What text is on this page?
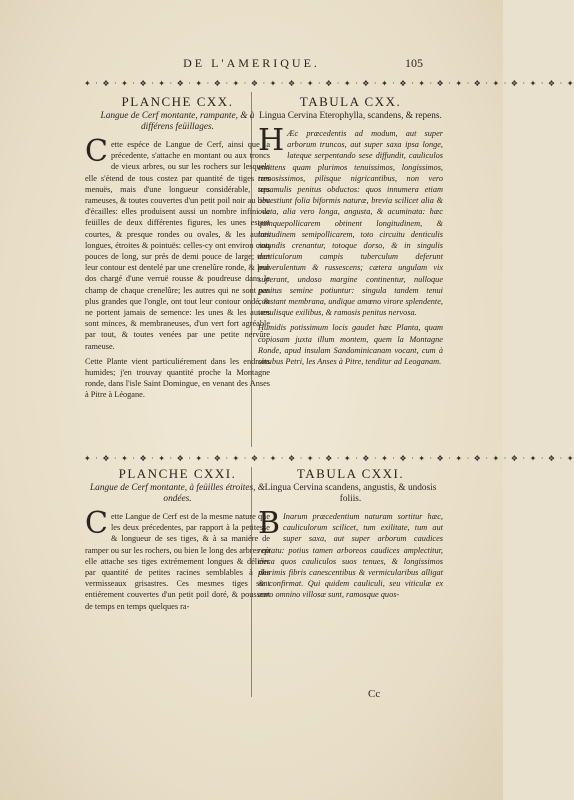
DE L'AMERIQUE.	105
✦ · ❖ · ✦ · ❖ · ✦ · ❖ · ✦ · ❖ · ✦ · ❖ · ✦ · ❖ · ✦ · ❖ · ✦ · ❖ · ✦ · ❖ · ✦ · ❖ · ✦ · ❖ · ✦ · ❖ · ✦ · ❖ · ✦
PLANCHE CXX.
Langue de Cerf montante, rampante, & à différens feüillages.

Cette espéce de Langue de Cerf, ainsi que la précedente, s'attache en montant ou aux troncs de vieux arbres, ou sur les rochers sur lesquels elle s'étend de tous costez par quantité de tiges tres menuës, mais d'une longueur considérable, tres rameuses, & toutes couvertes d'un petit poil noir au lieu d'écailles: elles produisent aussi un nombre infini de feüilles de deux différentes figures, les unes estant courtes, & presque rondes ou ovales, & les autres longues, étroites & pointuës: celles-cy ont environ cinq pouces de long, sur prés de demi pouce de large; tout leur contour est dentelé par une crenelûre ronde, & leur dos chargé d'une verruë rousse & poudreuse dans le champ de chaque crenelûre; les autres qui ne sont pas plus grandes que l'ongle, ont tout leur contour ondé, & ne portent jamais de semence: les unes & les autres sont minces, & membraneuses, d'un vert fort agréable par tout, & toutes venées par une petite nervûre rameuse.

Cette Plante vient particuliérement dans les endroits humides; j'en trouvay quantité proche la Montagne ronde, dans l'isle Saint Domingue, en venant des Anses à Pitre à Léogane.

TABULA CXX.
Lingua Cervina Eterophylla, scandens, & repens.

H Æc præcedentis ad modum, aut super arborum truncos, aut super saxa ipsa longe, lateque serpentando sese diffundit, cauliculos emittens quam plurimos tenuissimos, longissimos, ramosissimos, pilisque nigricantibus, non vero squamulis penitus obductos: quos innumera etiam obvestiunt folia biformis naturæ, brevia scilicet alia & ovata, alia vero longa, angusta, & acuminata: hæc quinquepollicarem obtinent longitudinem, & latitudinem semipollicarem, toto circuitu denticulis rotundis crenantur, totoque dorso, & in singulis denticulorum campis tuberculum deferunt pulverulentum & russescens; cætera ungulam vix superant, undoso margine continentur, nulloque penitus semine potiuntur: singula tandem tenui constant membrana, undique amœno virore splendente, venulisque exilibus, & ramosis penitus nervosa.

Humidis potissimum locis gaudet hæc Planta, quam copiosam juxta illum montem, quem la Montagne Ronde, apud insulam Sandominicanam vocant, cum à sinubus Petri, les Anses à Pitre, tenditur ad Leoganam.

✦ · ❖ · ✦ · ❖ · ✦ · ❖ · ✦ · ❖ · ✦ · ❖ · ✦ · ❖ · ✦ · ❖ · ✦ · ❖ · ✦ · ❖ · ✦ · ❖ · ✦ · ❖ · ✦ · ❖ · ✦ · ❖ · ✦
PLANCHE CXXI.
Langue de Cerf montante, à feüilles étroites, & ondées.

Cette Langue de Cerf est de la mesme nature que les deux précedentes, par rapport à la petitesse & longueur de ses tiges, & à sa maniére de ramper ou sur les rochers, ou bien le long des arbres où elle attache ses tiges extrémement longues & déliées par quantité de petites racines semblables à des vermisseaux grisastres. Ces mesmes tiges sont entiérement couvertes d'un petit poil doré, & poussent de temps en temps quelques ra-

TABULA CXXI.
Lingua Cervina scandens, angustis, & undosis foliis.

B Inarum præcedentium naturam sortitur hæc, cauliculorum scilicet, tum exilitate, tum aut super saxa, aut super arborum caudices reptatu: potius tamen arboreos caudices amplectitur, circa quos cauliculos suos tenues, & longissimos plurimis fibris canescentibus & vermicularibus alligat & confirmat. Qui quidem cauliculi, seu viticulæ ex auro omnino villosæ sunt, ramosque quos-

Cc
